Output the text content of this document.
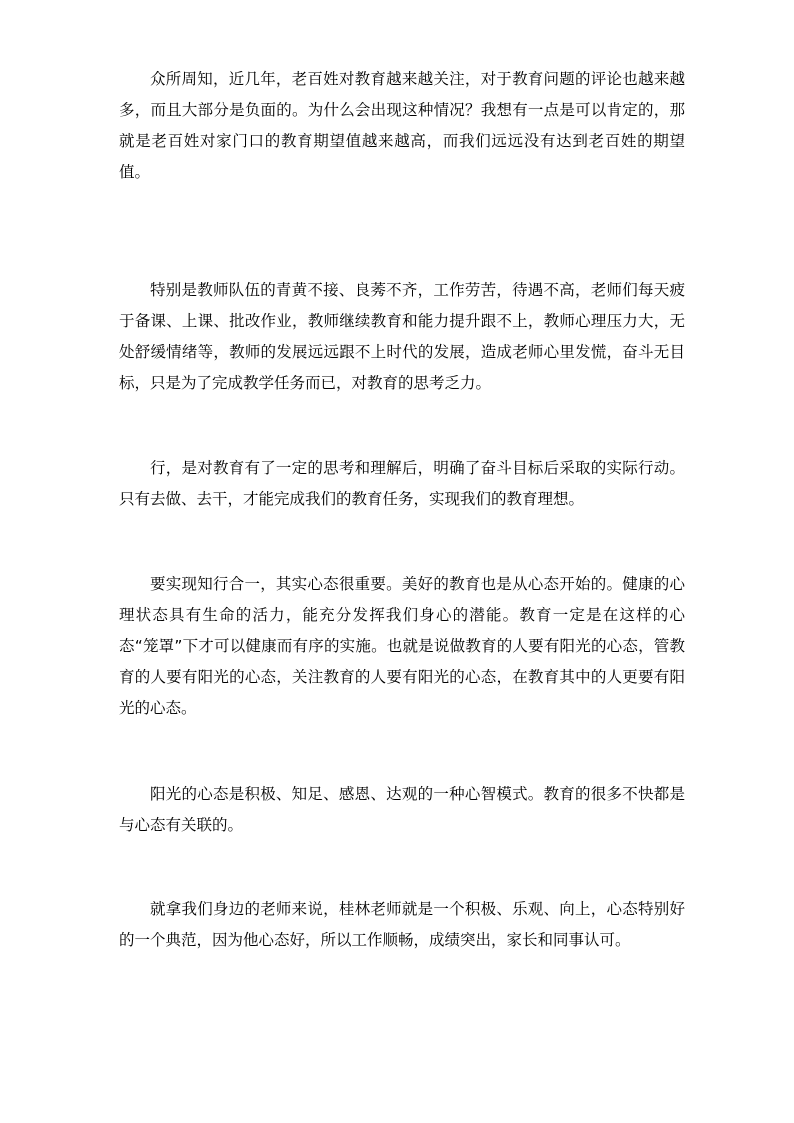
众所周知，近几年，老百姓对教育越来越关注，对于教育问题的评论也越来越多，而且大部分是负面的。为什么会出现这种情况？我想有一点是可以肯定的，那就是老百姓对家门口的教育期望值越来越高，而我们远远没有达到老百姓的期望值。

特别是教师队伍的青黄不接、良莠不齐，工作劳苦，待遇不高，老师们每天疲于备课、上课、批改作业，教师继续教育和能力提升跟不上，教师心理压力大，无处舒缓情绪等，教师的发展远远跟不上时代的发展，造成老师心里发慌，奋斗无目标，只是为了完成教学任务而已，对教育的思考乏力。

行，是对教育有了一定的思考和理解后，明确了奋斗目标后采取的实际行动。只有去做、去干，才能完成我们的教育任务，实现我们的教育理想。

要实现知行合一，其实心态很重要。美好的教育也是从心态开始的。健康的心理状态具有生命的活力，能充分发挥我们身心的潜能。教育一定是在这样的心态“笼罩”下才可以健康而有序的实施。也就是说做教育的人要有阳光的心态，管教育的人要有阳光的心态，关注教育的人要有阳光的心态，在教育其中的人更要有阳光的心态。

阳光的心态是积极、知足、感恩、达观的一种心智模式。教育的很多不快都是与心态有关联的。

就拿我们身边的老师来说，桂林老师就是一个积极、乐观、向上，心态特别好的一个典范，因为他心态好，所以工作顺畅，成绩突出，家长和同事认可。
